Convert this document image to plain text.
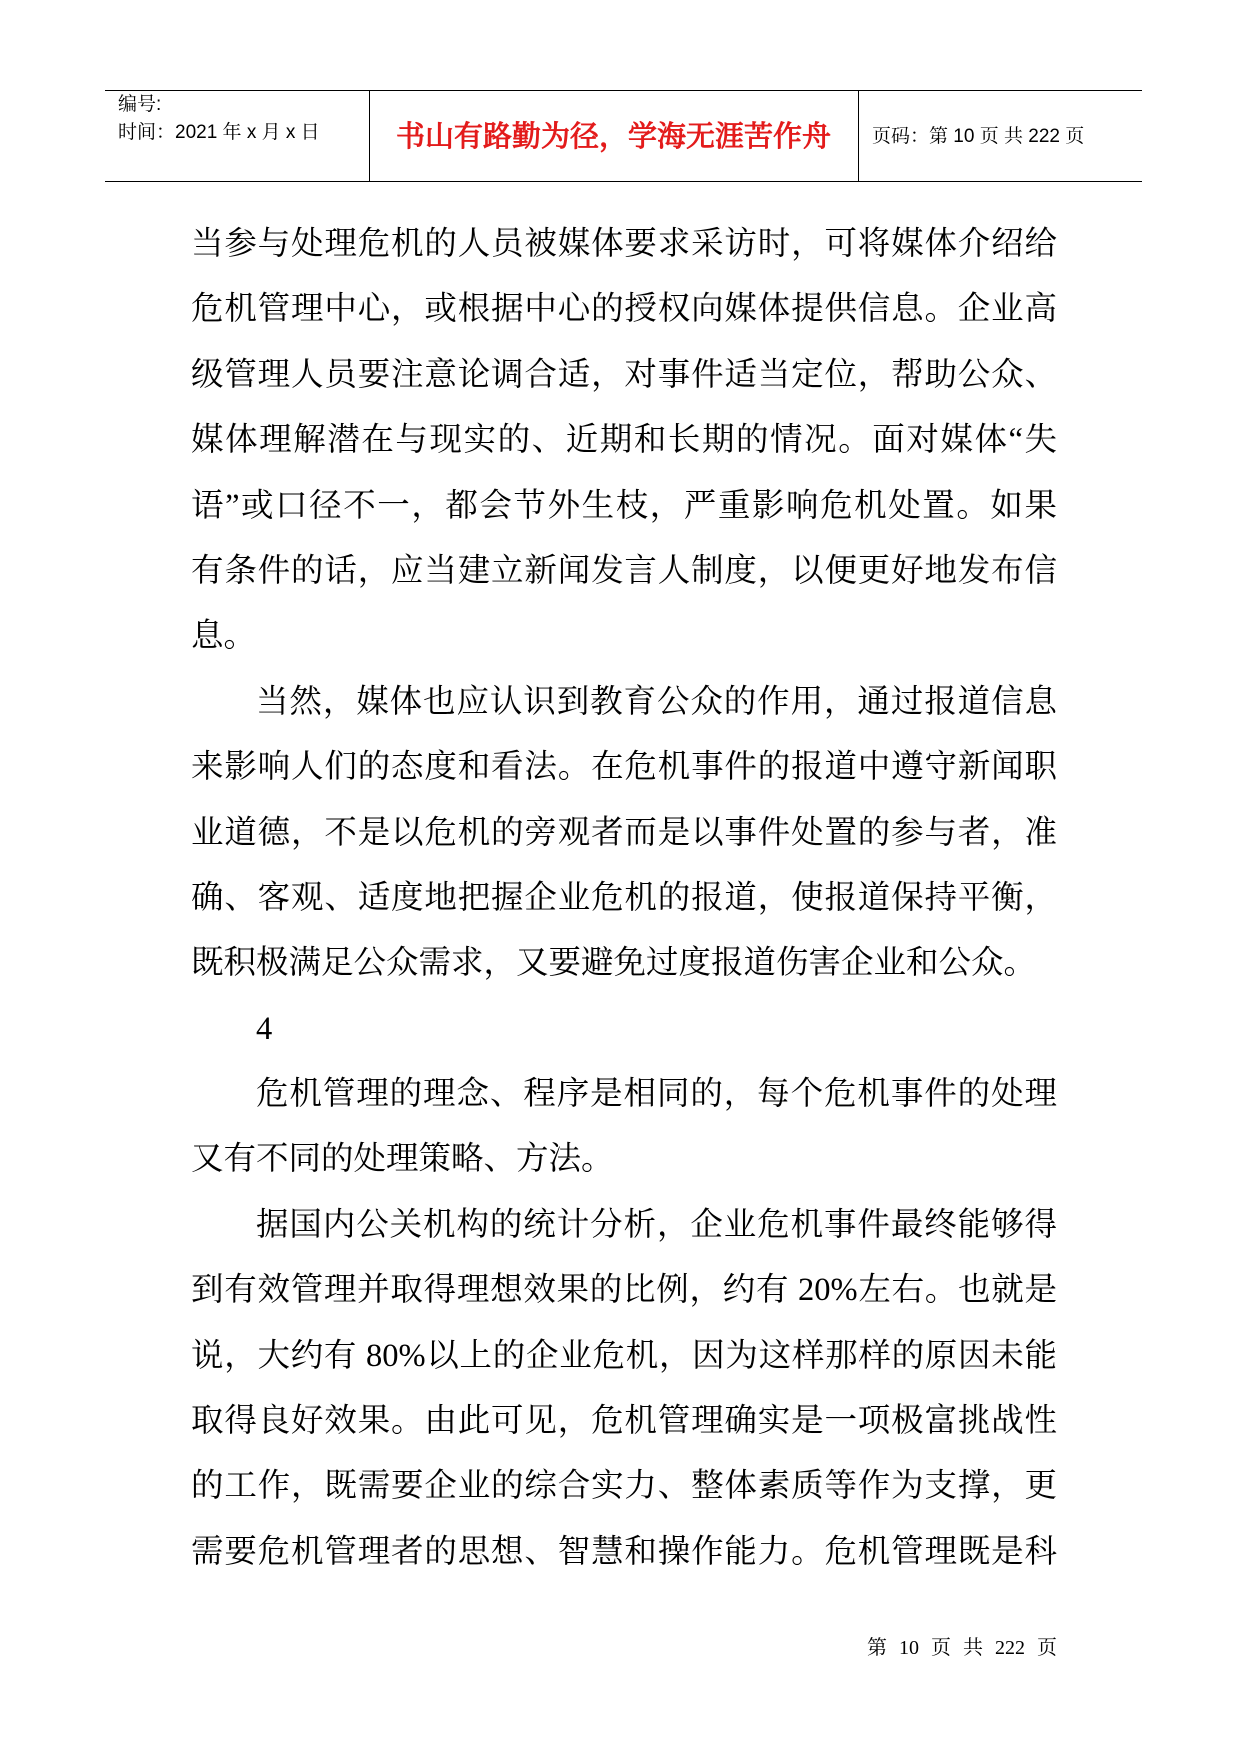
编号:
时间：2021 年 x 月 x 日	书山有路勤为径，学海无涯苦作舟	页码：第 10 页 共 222 页
当参与处理危机的人员被媒体要求采访时，可将媒体介绍给
危机管理中心，或根据中心的授权向媒体提供信息。企业高
级管理人员要注意论调合适，对事件适当定位，帮助公众、
媒体理解潜在与现实的、近期和长期的情况。面对媒体“失
语”或口径不一，都会节外生枝，严重影响危机处置。如果
有条件的话，应当建立新闻发言人制度，以便更好地发布信
息。
当然，媒体也应认识到教育公众的作用，通过报道信息
来影响人们的态度和看法。在危机事件的报道中遵守新闻职
业道德，不是以危机的旁观者而是以事件处置的参与者，准
确、客观、适度地把握企业危机的报道，使报道保持平衡，
既积极满足公众需求，又要避免过度报道伤害企业和公众。
4
危机管理的理念、程序是相同的，每个危机事件的处理
又有不同的处理策略、方法。
据国内公关机构的统计分析，企业危机事件最终能够得
到有效管理并取得理想效果的比例，约有 20%左右。也就是
说，大约有 80%以上的企业危机，因为这样那样的原因未能
取得良好效果。由此可见，危机管理确实是一项极富挑战性
的工作，既需要企业的综合实力、整体素质等作为支撑，更
需要危机管理者的思想、智慧和操作能力。危机管理既是科
第 10 页 共 222 页
